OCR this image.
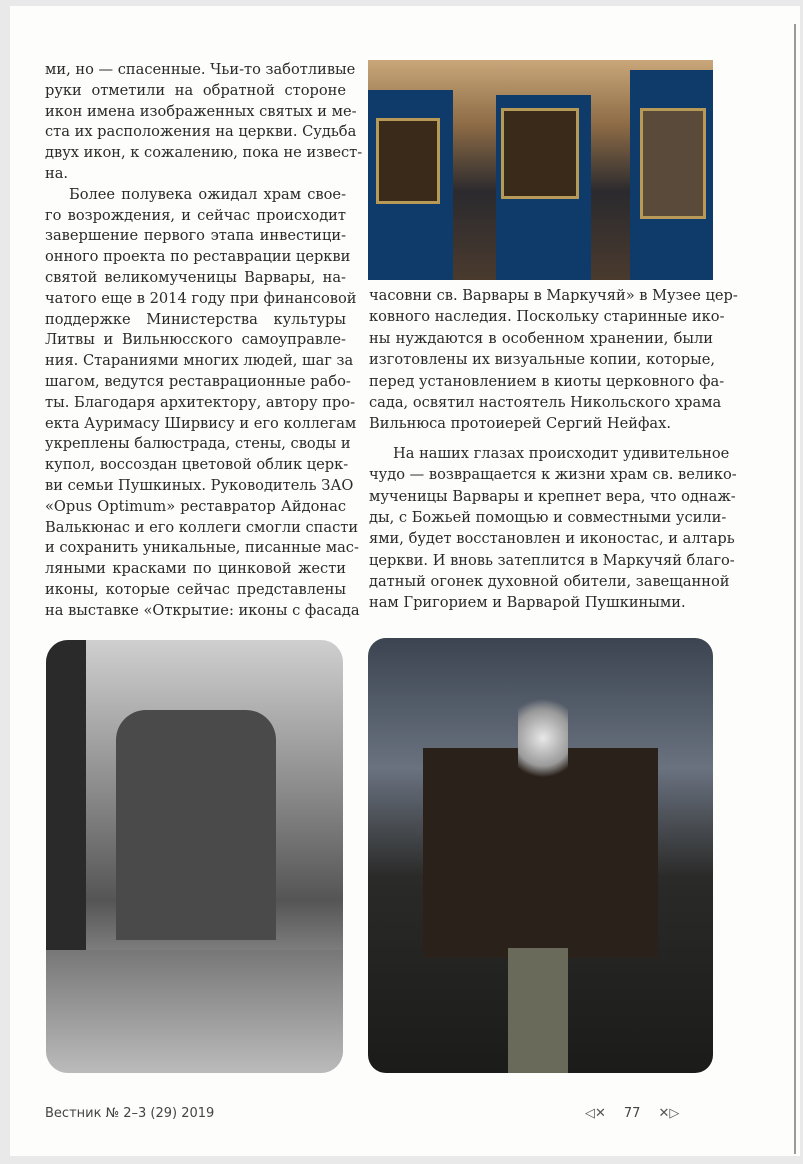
ми, но — спасенные. Чьи-то заботливые
руки отметили на обратной стороне
икон имена изображенных святых и ме-
ста их расположения на церкви. Судьба
двух икон, к сожалению, пока не извест-
на.
Более полувека ожидал храм свое-
го возрождения, и сейчас происходит
завершение первого этапа инвестици-
онного проекта по реставрации церкви
святой великомученицы Варвары, на-
чатого еще в 2014 году при финансовой
поддержке Министерства культуры
Литвы и Вильнюсского самоуправле-
ния. Стараниями многих людей, шаг за
шагом, ведутся реставрационные рабо-
ты. Благодаря архитектору, автору про-
екта Ауримасу Ширвису и его коллегам
укреплены балюстрада, стены, своды и
купол, воссоздан цветовой облик церк-
ви семьи Пушкиных. Руководитель ЗАО
«Opus Optimum» реставратор Айдонас
Валькюнас и его коллеги смогли спасти
и сохранить уникальные, писанные мас-
ляными красками по цинковой жести
иконы, которые сейчас представлены
на выставке «Открытие: иконы с фасада
часовни св. Варвары в Маркучяй» в Музее цер-
ковного наследия. Поскольку старинные ико-
ны нуждаются в особенном хранении, были
изготовлены их визуальные копии, которые,
перед установлением в киоты церковного фа-
сада, освятил настоятель Никольского храма
Вильнюса протоиерей Сергий Нейфах.
На наших глазах происходит удивительное
чудо — возвращается к жизни храм св. велико-
мученицы Варвары и крепнет вера, что однаж-
ды, с Божьей помощью и совместными усили-
ями, будет восстановлен и иконостас, и алтарь
церкви. И вновь затеплится в Маркучяй благо-
датный огонек духовной обители, завещанной
нам Григорием и Варварой Пушкиными.
Вестник № 2–3 (29) 2019	◁✕ 77 ✕▷
